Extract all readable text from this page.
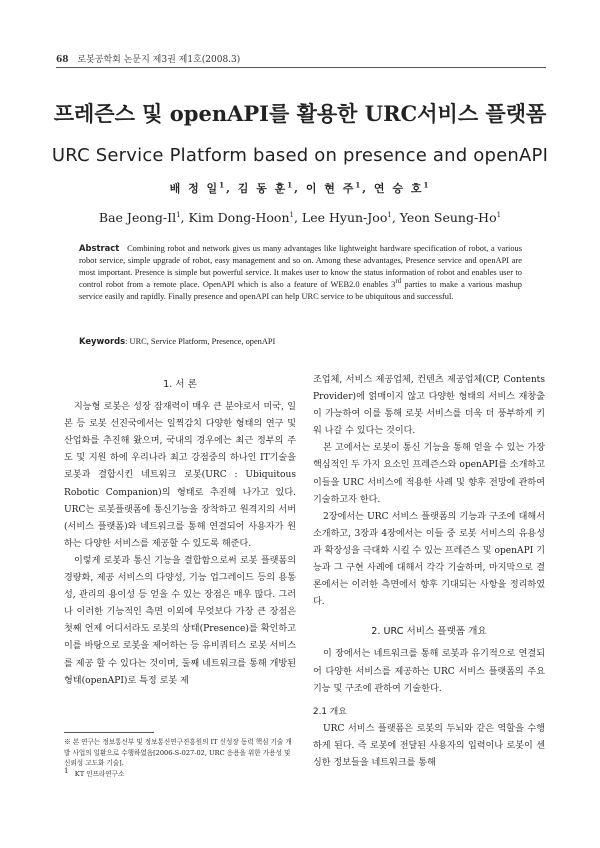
68 로봇공학회 논문지 제3권 제1호(2008.3)
프레즌스 및 openAPI를 활용한 URC서비스 플랫폼
URC Service Platform based on presence and openAPI
배 정 일$^1$, 김 동 훈$^1$, 이 현 주$^1$, 연 승 호$^1$
Bae Jeong-Il$^1$, Kim Dong-Hoon$^1$, Lee Hyun-Joo$^1$, Yeon Seung-Ho$^1$
Abstract Combining robot and network gives us many advantages like lightweight hardware specification of robot, a various robot service, simple upgrade of robot, easy management and so on. Among these advantages, Presence service and openAPI are most important. Presence is simple but powerful service. It makes user to know the status information of robot and enables user to control robot from a remote place. OpenAPI which is also a feature of WEB2.0 enables 3rd parties to make a various mashup service easily and rapidly. Finally presence and openAPI can help URC service to be ubiquitous and successful.
Keywords: URC, Service Platform, Presence, openAPI
1. 서 론

지능형 로봇은 성장 잠재력이 매우 큰 분야로서 미국, 일본 등 로봇 선진국에서는 일찍감치 다양한 형태의 연구 및 산업화를 추진해 왔으며, 국내의 경우에는 최근 정부의 주도 및 지원 하에 우리나라 최고 강점중의 하나인 IT기술을 로봇과 결합시킨 네트워크 로봇(URC : Ubiquitous Robotic Companion)의 형태로 추진해 나가고 있다. URC는 로봇플랫폼에 통신기능을 장착하고 원격지의 서버(서비스 플랫폼)와 네트워크를 통해 연결되어 사용자가 원하는 다양한 서비스를 제공할 수 있도록 해준다.

이렇게 로봇과 통신 기능을 결합함으로써 로봇 플랫폼의 경량화, 제공 서비스의 다양성, 기능 업그레이드 등의 용통성, 관리의 용이성 등 얻을 수 있는 장점은 매우 많다. 그러나 이러한 기능적인 측면 이외에 무엇보다 가장 큰 장점은 첫째 언제 어디서라도 로봇의 상태(Presence)를 확인하고 이를 바탕으로 로봇을 제어하는 등 유비쿼터스 로봇 서비스를 제공 할 수 있다는 것이며, 둘째 네트워크를 통해 개방된 형태(openAPI)로 특정 로봇 제

※ 본 연구는 정보통신부 및 정보통신연구진흥원의 IT 신성장 동력 핵심 기술 개발 사업의 일환으로 수행하였음[2006-S-027-02, URC 응용을 위한 가용성 및 신뢰성 고도화 기술].
$^1$ KT 인프라연구소

조업체, 서비스 제공업체, 컨텐츠 제공업체(CP, Contents Provider)에 얽매이지 않고 다양한 형태의 서비스 재창출이 가능하여 이를 통해 로봇 서비스를 더욱 더 풍부하게 키워 나갈 수 있다는 것이다.

본 고에서는 로봇이 통신 기능을 통해 얻을 수 있는 가장 핵심적인 두 가지 요소인 프레즌스와 openAPI를 소개하고 이들을 URC 서비스에 적용한 사례 및 향후 전망에 관하여 기술하고자 한다.

2장에서는 URC 서비스 플랫폼의 기능과 구조에 대해서 소개하고, 3장과 4장에서는 이들 중 로봇 서비스의 유용성과 확장성을 극대화 시킬 수 있는 프레즌스 및 openAPI 기능과 그 구현 사례에 대해서 각각 기술하며, 마지막으로 결론에서는 이러한 측면에서 향후 기대되는 사항을 정리하였다.

2. URC 서비스 플랫폼 개요

이 장에서는 네트워크를 통해 로봇과 유기적으로 연결되어 다양한 서비스를 제공하는 URC 서비스 플랫폼의 주요 기능 및 구조에 관하여 기술한다.

2.1 개요

URC 서비스 플랫폼은 로봇의 두뇌와 같은 역할을 수행하게 된다. 즉 로봇에 전달된 사용자의 입력이나 로봇이 센싱한 정보들을 네트워크를 통해
